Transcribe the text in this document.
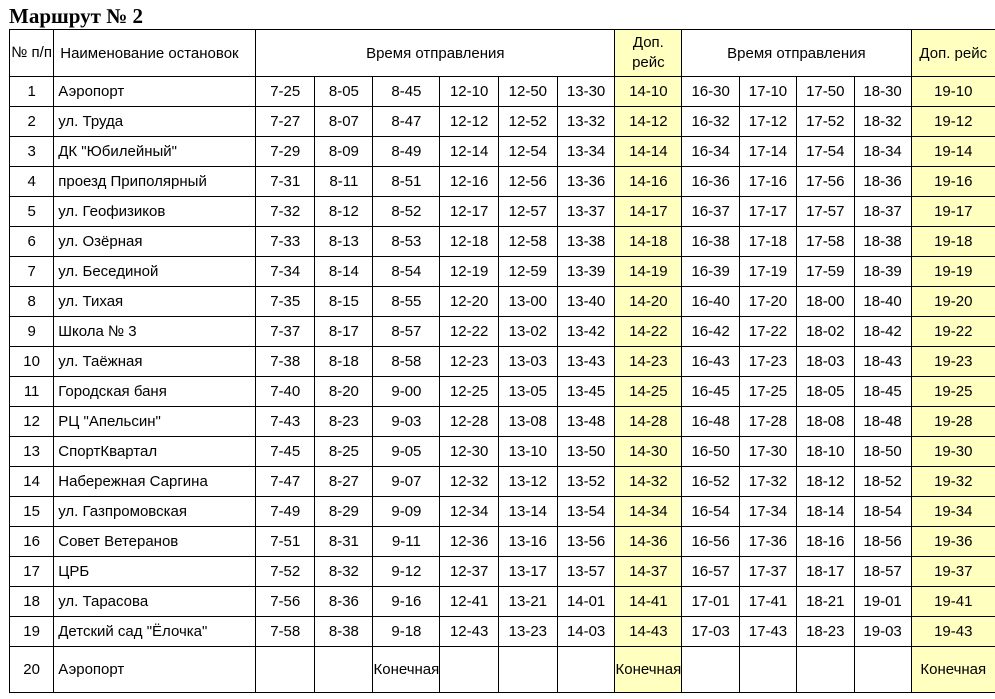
Маршрут № 2
№ п/п	Наименование остановок	Время отправления						Доп. рейс	Время отправления				Доп. рейс
1	Аэропорт	7-25	8-05	8-45	12-10	12-50	13-30	14-10	16-30	17-10	17-50	18-30	19-10
2	ул. Труда	7-27	8-07	8-47	12-12	12-52	13-32	14-12	16-32	17-12	17-52	18-32	19-12
3	ДК "Юбилейный"	7-29	8-09	8-49	12-14	12-54	13-34	14-14	16-34	17-14	17-54	18-34	19-14
4	проезд Приполярный	7-31	8-11	8-51	12-16	12-56	13-36	14-16	16-36	17-16	17-56	18-36	19-16
5	ул. Геофизиков	7-32	8-12	8-52	12-17	12-57	13-37	14-17	16-37	17-17	17-57	18-37	19-17
6	ул. Озёрная	7-33	8-13	8-53	12-18	12-58	13-38	14-18	16-38	17-18	17-58	18-38	19-18
7	ул. Бесединой	7-34	8-14	8-54	12-19	12-59	13-39	14-19	16-39	17-19	17-59	18-39	19-19
8	ул. Тихая	7-35	8-15	8-55	12-20	13-00	13-40	14-20	16-40	17-20	18-00	18-40	19-20
9	Школа № 3	7-37	8-17	8-57	12-22	13-02	13-42	14-22	16-42	17-22	18-02	18-42	19-22
10	ул. Таёжная	7-38	8-18	8-58	12-23	13-03	13-43	14-23	16-43	17-23	18-03	18-43	19-23
11	Городская баня	7-40	8-20	9-00	12-25	13-05	13-45	14-25	16-45	17-25	18-05	18-45	19-25
12	РЦ "Апельсин"	7-43	8-23	9-03	12-28	13-08	13-48	14-28	16-48	17-28	18-08	18-48	19-28
13	СпортКвартал	7-45	8-25	9-05	12-30	13-10	13-50	14-30	16-50	17-30	18-10	18-50	19-30
14	Набережная Саргина	7-47	8-27	9-07	12-32	13-12	13-52	14-32	16-52	17-32	18-12	18-52	19-32
15	ул. Газпромовская	7-49	8-29	9-09	12-34	13-14	13-54	14-34	16-54	17-34	18-14	18-54	19-34
16	Совет Ветеранов	7-51	8-31	9-11	12-36	13-16	13-56	14-36	16-56	17-36	18-16	18-56	19-36
17	ЦРБ	7-52	8-32	9-12	12-37	13-17	13-57	14-37	16-57	17-37	18-17	18-57	19-37
18	ул. Тарасова	7-56	8-36	9-16	12-41	13-21	14-01	14-41	17-01	17-41	18-21	19-01	19-41
19	Детский сад "Ёлочка"	7-58	8-38	9-18	12-43	13-23	14-03	14-43	17-03	17-43	18-23	19-03	19-43
20	Аэропорт			Конечная				Конечная					Конечная
